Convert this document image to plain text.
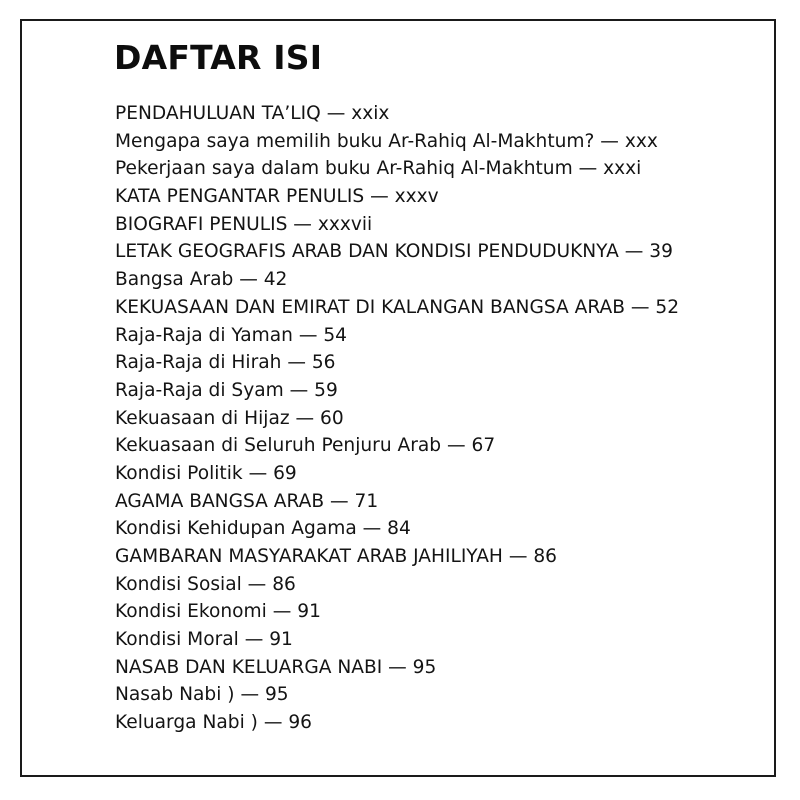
DAFTAR ISI
PENDAHULUAN TA’LIQ — xxix
Mengapa saya memilih buku Ar-Rahiq Al-Makhtum? — xxx
Pekerjaan saya dalam buku Ar-Rahiq Al-Makhtum — xxxi
KATA PENGANTAR PENULIS — xxxv
BIOGRAFI PENULIS — xxxvii
LETAK GEOGRAFIS ARAB DAN KONDISI PENDUDUKNYA — 39
Bangsa Arab — 42
KEKUASAAN DAN EMIRAT DI KALANGAN BANGSA ARAB — 52
Raja-Raja di Yaman — 54
Raja-Raja di Hirah — 56
Raja-Raja di Syam — 59
Kekuasaan di Hijaz — 60
Kekuasaan di Seluruh Penjuru Arab — 67
Kondisi Politik — 69
AGAMA BANGSA ARAB — 71
Kondisi Kehidupan Agama — 84
GAMBARAN MASYARAKAT ARAB JAHILIYAH — 86
Kondisi Sosial — 86
Kondisi Ekonomi — 91
Kondisi Moral — 91
NASAB DAN KELUARGA NABI — 95
Nasab Nabi ) — 95
Keluarga Nabi ) — 96
